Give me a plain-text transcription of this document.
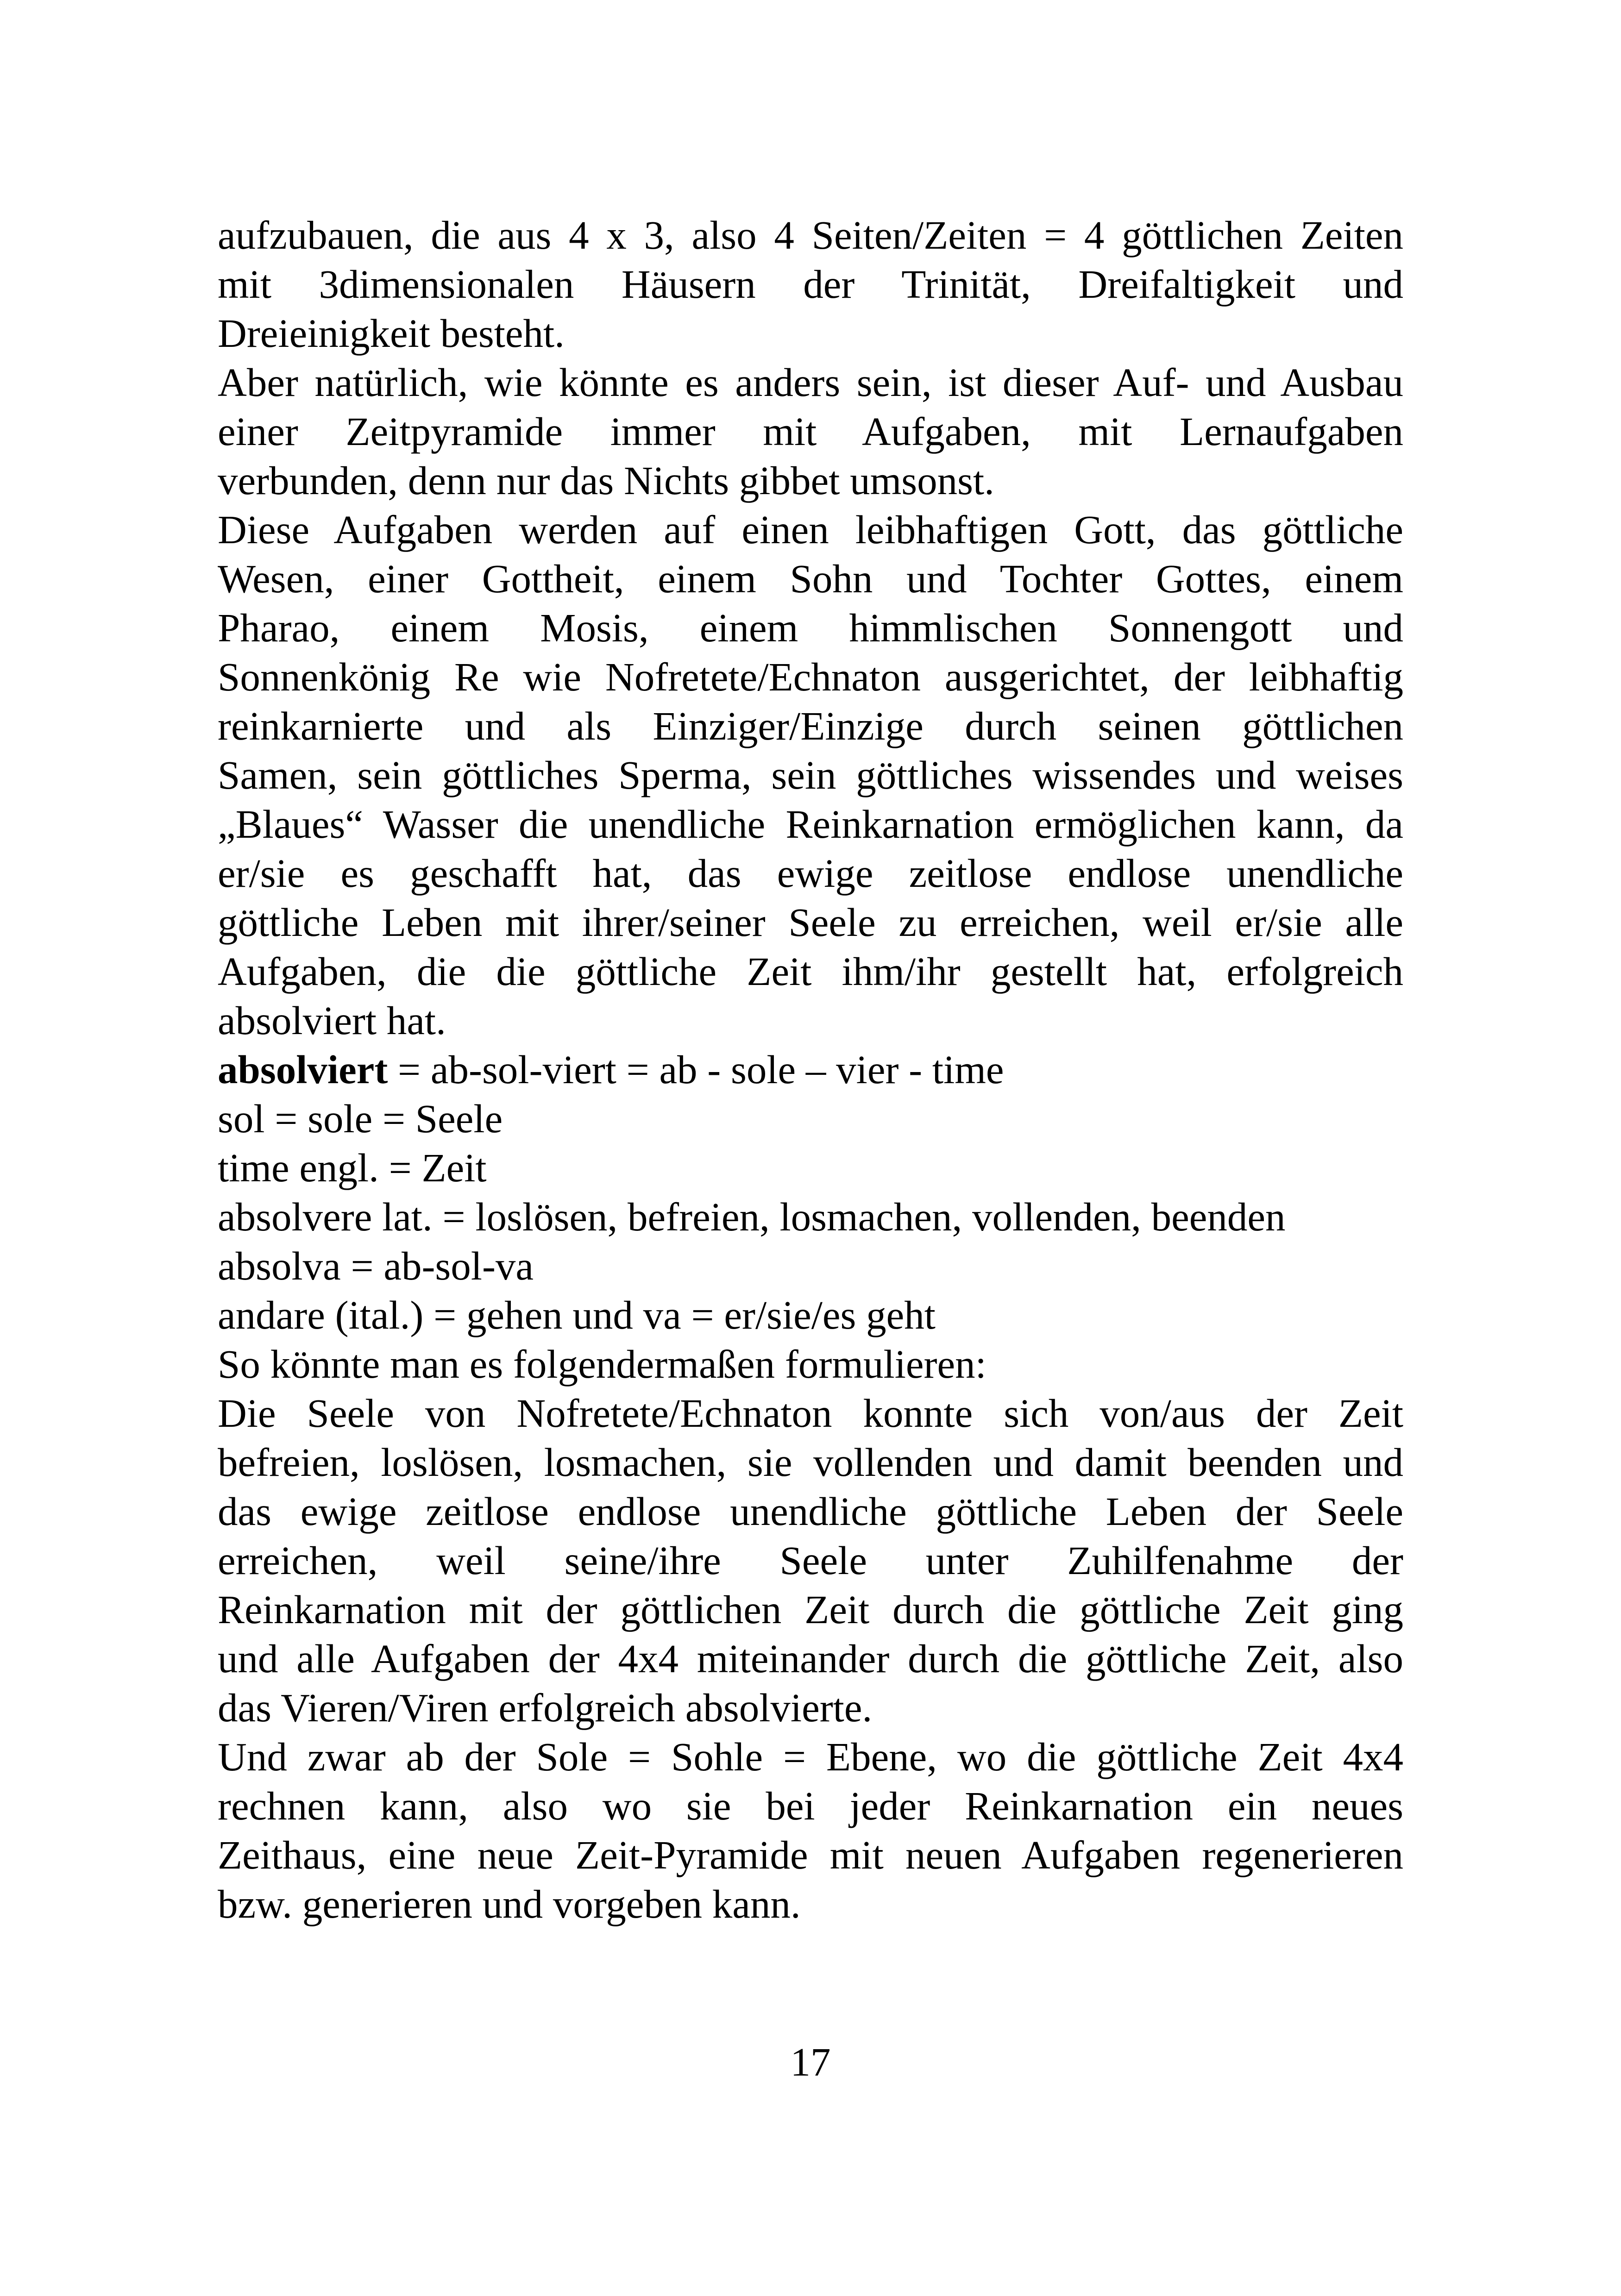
aufzubauen, die aus 4 x 3, also 4 Seiten/Zeiten = 4 göttlichen Zeiten
mit 3dimensionalen Häusern der Trinität, Dreifaltigkeit und
Dreieinigkeit besteht.
Aber natürlich, wie könnte es anders sein, ist dieser Auf- und Ausbau
einer Zeitpyramide immer mit Aufgaben, mit Lernaufgaben
verbunden, denn nur das Nichts gibbet umsonst.
Diese Aufgaben werden auf einen leibhaftigen Gott, das göttliche
Wesen, einer Gottheit, einem Sohn und Tochter Gottes, einem
Pharao, einem Mosis, einem himmlischen Sonnengott und
Sonnenkönig Re wie Nofretete/Echnaton ausgerichtet, der leibhaftig
reinkarnierte und als Einziger/Einzige durch seinen göttlichen
Samen, sein göttliches Sperma, sein göttliches wissendes und weises
„Blaues“ Wasser die unendliche Reinkarnation ermöglichen kann, da
er/sie es geschafft hat, das ewige zeitlose endlose unendliche
göttliche Leben mit ihrer/seiner Seele zu erreichen, weil er/sie alle
Aufgaben, die die göttliche Zeit ihm/ihr gestellt hat, erfolgreich
absolviert hat.
absolviert = ab-sol-viert = ab - sole – vier - time
sol = sole = Seele
time engl. = Zeit
absolvere lat. = loslösen, befreien, losmachen, vollenden, beenden
absolva = ab-sol-va
andare (ital.) = gehen und va = er/sie/es geht
So könnte man es folgendermaßen formulieren:
Die Seele von Nofretete/Echnaton konnte sich von/aus der Zeit
befreien, loslösen, losmachen, sie vollenden und damit beenden und
das ewige zeitlose endlose unendliche göttliche Leben der Seele
erreichen, weil seine/ihre Seele unter Zuhilfenahme der
Reinkarnation mit der göttlichen Zeit durch die göttliche Zeit ging
und alle Aufgaben der 4x4 miteinander durch die göttliche Zeit, also
das Vieren/Viren erfolgreich absolvierte.
Und zwar ab der Sole = Sohle = Ebene, wo die göttliche Zeit 4x4
rechnen kann, also wo sie bei jeder Reinkarnation ein neues
Zeithaus, eine neue Zeit-Pyramide mit neuen Aufgaben regenerieren
bzw. generieren und vorgeben kann.
17
